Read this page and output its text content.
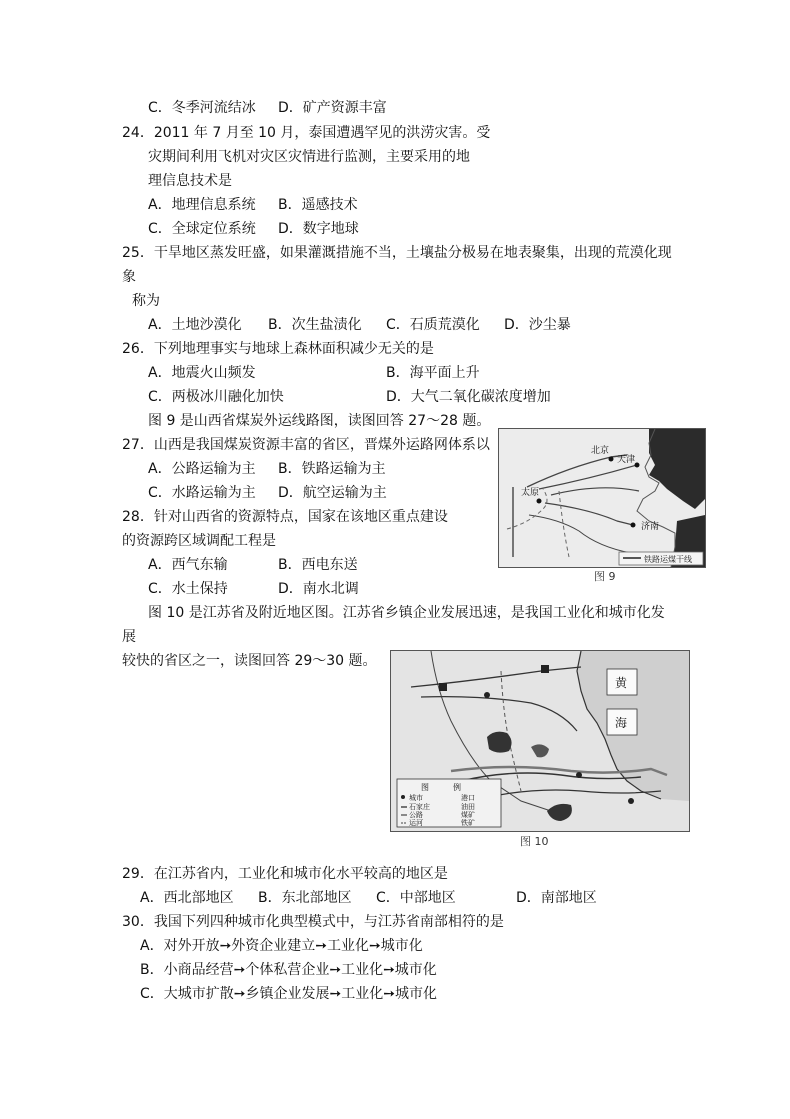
C．冬季河流结冰 D．矿产资源丰富
24．2011 年 7 月至 10 月，泰国遭遇罕见的洪涝灾害。受
灾期间利用飞机对灾区灾情进行监测，主要采用的地
理信息技术是
A．地理信息系统 B．遥感技术
C．全球定位系统 D．数字地球
25．干旱地区蒸发旺盛，如果灌溉措施不当，土壤盐分极易在地表聚集，出现的荒漠化现
象
称为
A．土地沙漠化 B．次生盐渍化 C．石质荒漠化 D．沙尘暴
26．下列地理事实与地球上森林面积减少无关的是
A．地震火山频发	B．海平面上升
C．两极冰川融化加快	D．大气二氧化碳浓度增加
图 9 是山西省煤炭外运线路图，读图回答 27～28 题。
27．山西是我国煤炭资源丰富的省区，晋煤外运路网体系以
A．公路运输为主 B．铁路运输为主
C．水路运输为主 D．航空运输为主
28．针对山西省的资源特点，国家在该地区重点建设
的资源跨区域调配工程是
A．西气东输	B．西电东送
C．水土保持	D．南水北调
北京
天津
太原
济南
铁路运煤干线
图 9
图 10 是江苏省及附近地区图。江苏省乡镇企业发展迅速，是我国工业化和城市化发
展
较快的省区之一，读图回答 29～30 题。
黄
海
图	例
城市	港口
石家庄	油田
公路	煤矿
运河	铁矿
图 10
29．在江苏省内，工业化和城市化水平较高的地区是
A．西北部地区 B．东北部地区 C．中部地区	D．南部地区
30．我国下列四种城市化典型模式中，与江苏省南部相符的是
A．对外开放➙外资企业建立➙工业化➙城市化
B．小商品经营➙个体私营企业➙工业化➙城市化
C．大城市扩散➙乡镇企业发展➙工业化➙城市化
